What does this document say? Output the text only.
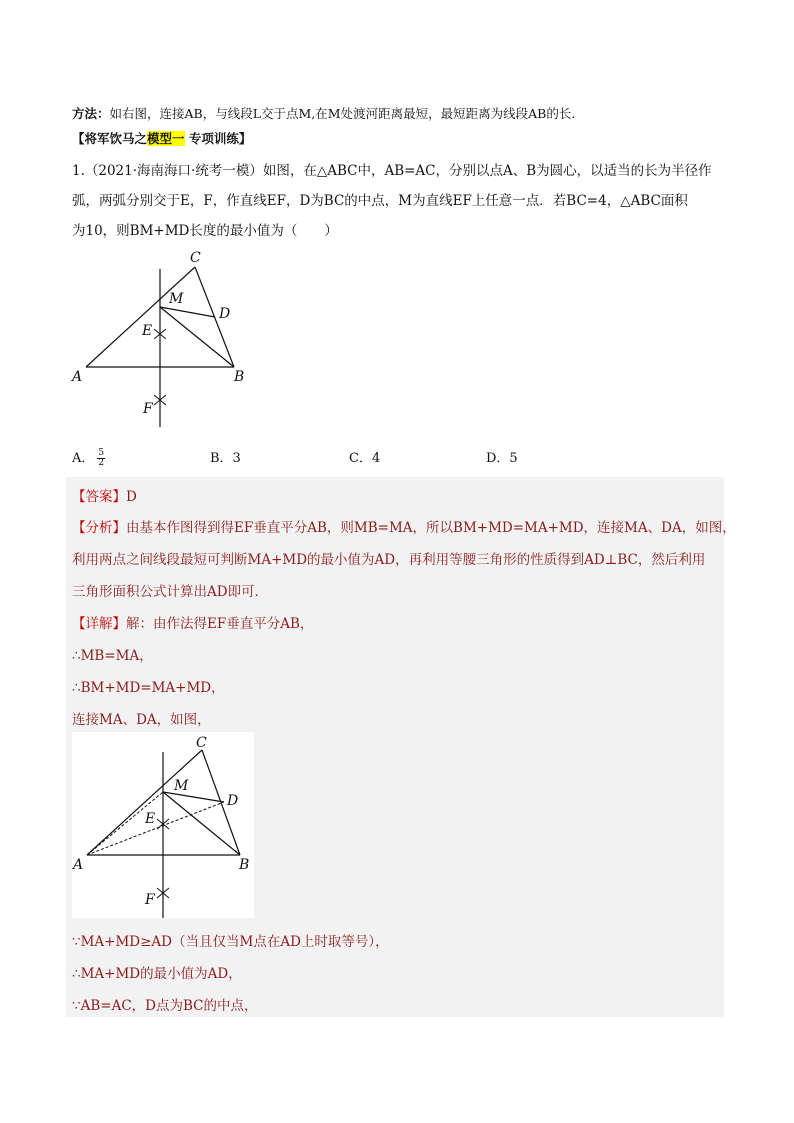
方法：如右图，连接AB，与线段L交于点M,在M处渡河距离最短，最短距离为线段AB的长.
【将军饮马之模型一 专项训练】
1.（2021·海南海口·统考一模）如图，在△ABC中，AB=AC，分别以点A、B为圆心，以适当的长为半径作
弧，两弧分别交于E，F，作直线EF，D为BC的中点，M为直线EF上任意一点．若BC=4，△ABC面积
为10，则BM+MD长度的最小值为（　　）
C
M
D
E
A	B
F
A． $\frac{5}{2}$	B．3	C．4	D．5
【答案】D
【分析】由基本作图得到得EF垂直平分AB，则MB=MA，所以BM+MD=MA+MD，连接MA、DA，如图，
利用两点之间线段最短可判断MA+MD的最小值为AD，再利用等腰三角形的性质得到AD⊥BC，然后利用
三角形面积公式计算出AD即可．
【详解】解：由作法得EF垂直平分AB，
∴MB=MA，
∴BM+MD=MA+MD，
连接MA、DA，如图，
C
M
D
E
A	B
F
∵MA+MD≥AD（当且仅当M点在AD上时取等号），
∴MA+MD的最小值为AD，
∵AB=AC，D点为BC的中点，
